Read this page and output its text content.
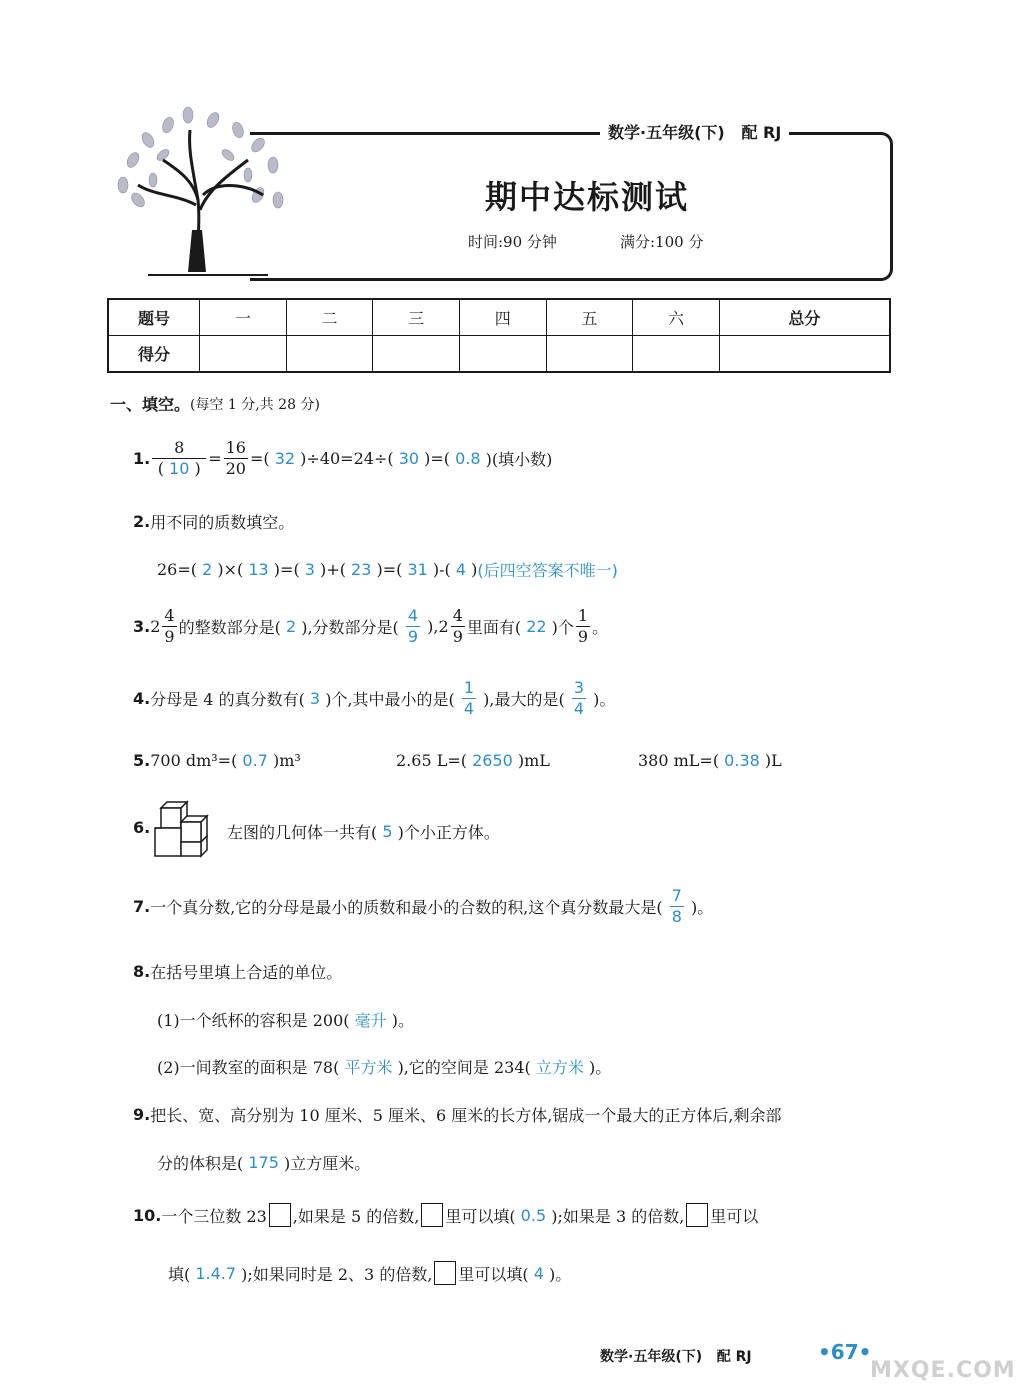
数学·五年级(下) 配 RJ
期中达标测试
时间:90 分钟	满分:100 分
题号	一	二	三	四	五	六	总分
得分							
一、填空。 (每空 1 分,共 28 分)
1. $\frac{8}{( 10 )} = \frac{16}{20}$ =( 32
)÷40=24÷(
30 )=( 0.8
)(填小数)
2. 用不同的质数填空。
26=( 2 )×( 13 )=( 3 )+( 23 )=( 31 )-( 4 ) (后四空答案不唯一)
3. $2 \frac{4}{9}$ 的整数部分是(
2
),分数部分是(
$\frac{4}{9}$ ), $2 \frac{4}{9}$ 里面有(
22
)个 $\frac{1}{9}$ 。
4. 分母是 4 的真分数有(
3
)个,其中最小的是(
$\frac{1}{4}$
),最大的是(
$\frac{3}{4}$ )。
5. 700 dm³=(
0.7
)m³	2.65 L=(
2650
)mL	380 mL=(
0.38
)L
6.	左图的几何体一共有(
5
)个小正方体。
7. 一个真分数,它的分母是最小的质数和最小的合数的积,这个真分数最大是(
$\frac{7}{8}$ )。
8. 在括号里填上合适的单位。
(1)一个纸杯的容积是 200(
毫升
)。
(2)一间教室的面积是 78(
平方米
),它的空间是 234(
立方米
)。
9. 把长、宽、高分别为 10 厘米、5 厘米、6 厘米的长方体,锯成一个最大的正方体后,剩余部
分的体积是(
175
)立方厘米。
10. 一个三位数 23 ,如果是 5 的倍数, 里可以填(
0.5
);如果是 3 的倍数, 里可以
填(
1.4.7
);如果同时是 2、3 的倍数, 里可以填(
4
)。
数学·五年级(下) 配 RJ	•67•
MXQE.COM
